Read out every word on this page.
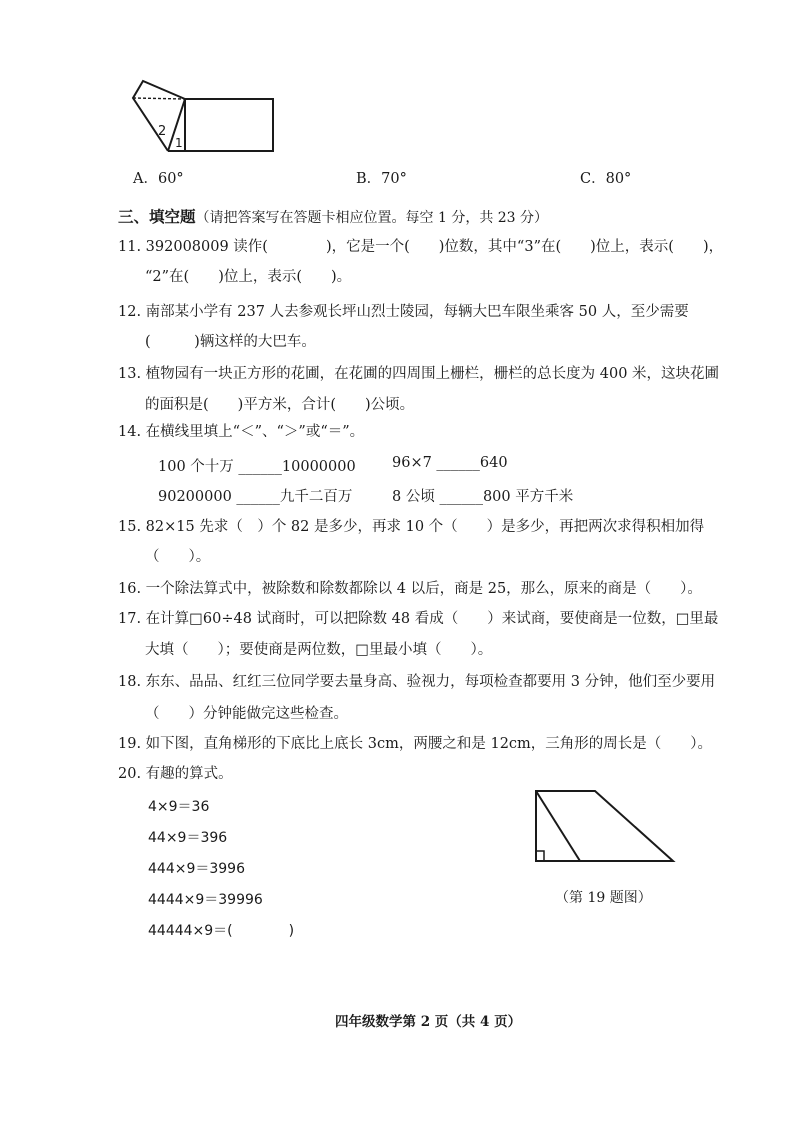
2
1
A．60°	B．70°	C．80°
三、填空题（请把答案写在答题卡相应位置。每空 1 分，共 23 分）
11. 392008009 读作(　　　　)，它是一个(　　)位数，其中“3”在(　　)位上，表示(　　)，
“2”在(　　)位上，表示(　　)。
12. 南部某小学有 237 人去参观长坪山烈士陵园，每辆大巴车限坐乘客 50 人，至少需要
(　　　)辆这样的大巴车。
13. 植物园有一块正方形的花圃，在花圃的四周围上栅栏，栅栏的总长度为 400 米，这块花圃
的面积是(　　)平方米，合计(　　)公顷。
14. 在横线里填上“＜”、“＞”或“＝”。
100 个十万 ______10000000	96×7 ______640
90200000 ______九千二百万	8 公顷 ______800 平方千米
15. 82×15 先求（　）个 82 是多少，再求 10 个（　　）是多少，再把两次求得积相加得
（　　）。
16. 一个除法算式中，被除数和除数都除以 4 以后，商是 25，那么，原来的商是（　　）。
17. 在计算□60÷48 试商时，可以把除数 48 看成（　　）来试商，要使商是一位数，□里最
大填（　　）；要使商是两位数，□里最小填（　　）。
18. 东东、品品、红红三位同学要去量身高、验视力，每项检查都要用 3 分钟，他们至少要用
（　　）分钟能做完这些检查。
19. 如下图，直角梯形的下底比上底长 3cm，两腰之和是 12cm，三角形的周长是（　　）。
20. 有趣的算式。
4×9＝36
44×9＝396
444×9＝3996
4444×9＝39996
44444×9＝(　　　　)
（第 19 题图）
四年级数学第 2 页（共 4 页）
